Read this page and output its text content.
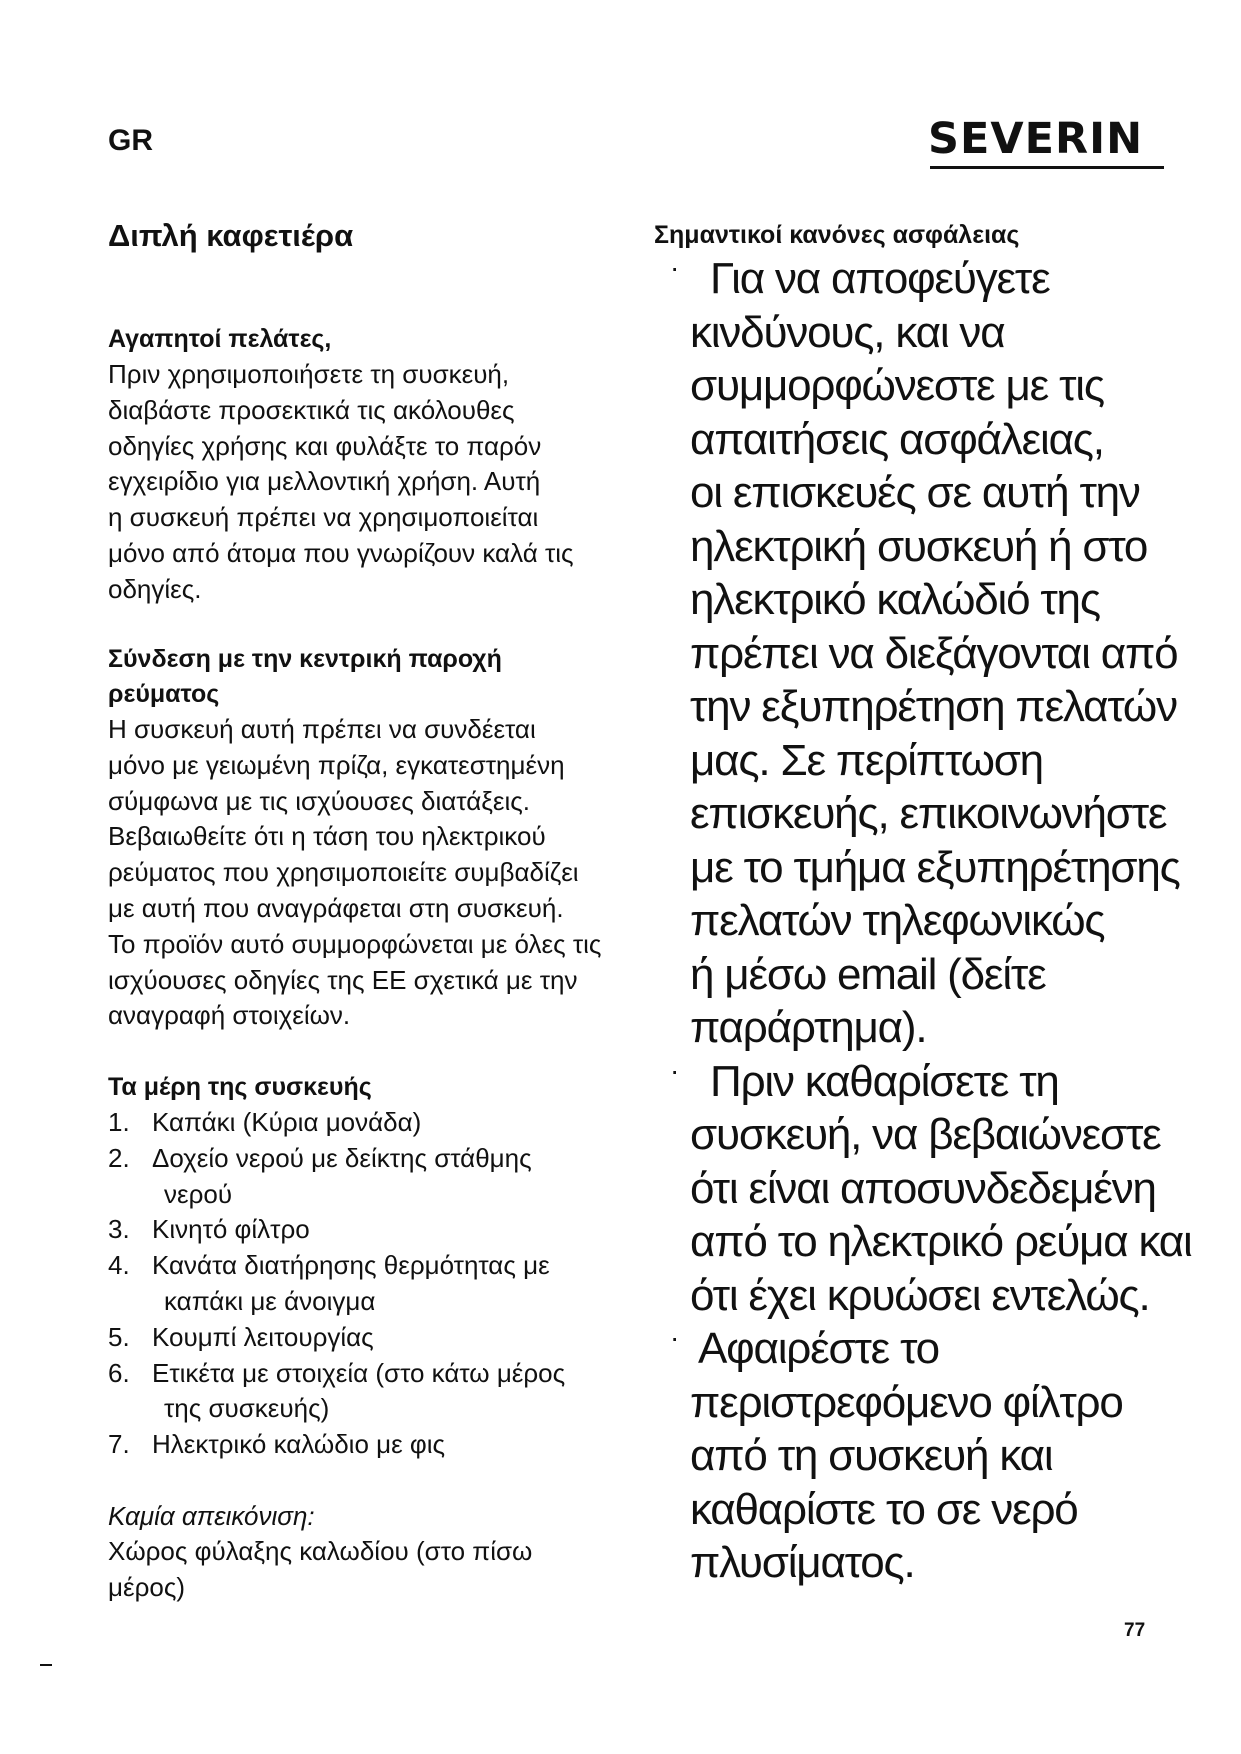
GR	SEVERIN
Διπλή καφετιέρα

Αγαπητοί πελάτες,

Πριν χρησιμοποιήσετε τη συσκευή,

διαβάστε προσεκτικά τις ακόλουθες

οδηγίες χρήσης και φυλάξτε το παρόν

εγχειρίδιο για μελλοντική χρήση. Αυτή

η συσκευή πρέπει να χρησιμοποιείται

μόνο από άτομα που γνωρίζουν καλά τις

οδηγίες.

Σύνδεση με την κεντρική παροχή

ρεύματος

Η συσκευή αυτή πρέπει να συνδέεται

μόνο με γειωμένη πρίζα, εγκατεστημένη

σύμφωνα με τις ισχύουσες διατάξεις.

Βεβαιωθείτε ότι η τάση του ηλεκτρικού

ρεύματος που χρησιμοποιείτε συμβαδίζει

με αυτή που αναγράφεται στη συσκευή.

Το προϊόν αυτό συμμορφώνεται με όλες τις

ισχύουσες οδηγίες της ΕΕ σχετικά με την

αναγραφή στοιχείων.

Τα μέρη της συσκευής

1. Καπάκι (Κύρια μονάδα)
2. Δοχείο νερού με δείκτης στάθμης
νερού
3. Κινητό φίλτρο
4. Κανάτα διατήρησης θερμότητας με
καπάκι με άνοιγμα
5. Κουμπί λειτουργίας
6. Ετικέτα με στοιχεία (στο κάτω μέρος
της συσκευής)
7. Ηλεκτρικό καλώδιο με φις

Καμία απεικόνιση:

Χώρος φύλαξης καλωδίου (στο πίσω

μέρος)

Σημαντικοί κανόνες ασφάλειας

· Για να αποφεύγετε

κινδύνους, και να

συμμορφώνεστε με τις

απαιτήσεις ασφάλειας,

οι επισκευές σε αυτή την

ηλεκτρική συσκευή ή στο

ηλεκτρικό καλώδιό της

πρέπει να διεξάγονται από

την εξυπηρέτηση πελατών

μας. Σε περίπτωση

επισκευής, επικοινωνήστε

με το τμήμα εξυπηρέτησης

πελατών τηλεφωνικώς

ή μέσω email (δείτε

παράρτημα).

· Πριν καθαρίσετε τη

συσκευή, να βεβαιώνεστε

ότι είναι αποσυνδεδεμένη

από το ηλεκτρικό ρεύμα και

ότι έχει κρυώσει εντελώς.

· Αφαιρέστε το

περιστρεφόμενο φίλτρο

από τη συσκευή και

καθαρίστε το σε νερό

πλυσίματος.

77
